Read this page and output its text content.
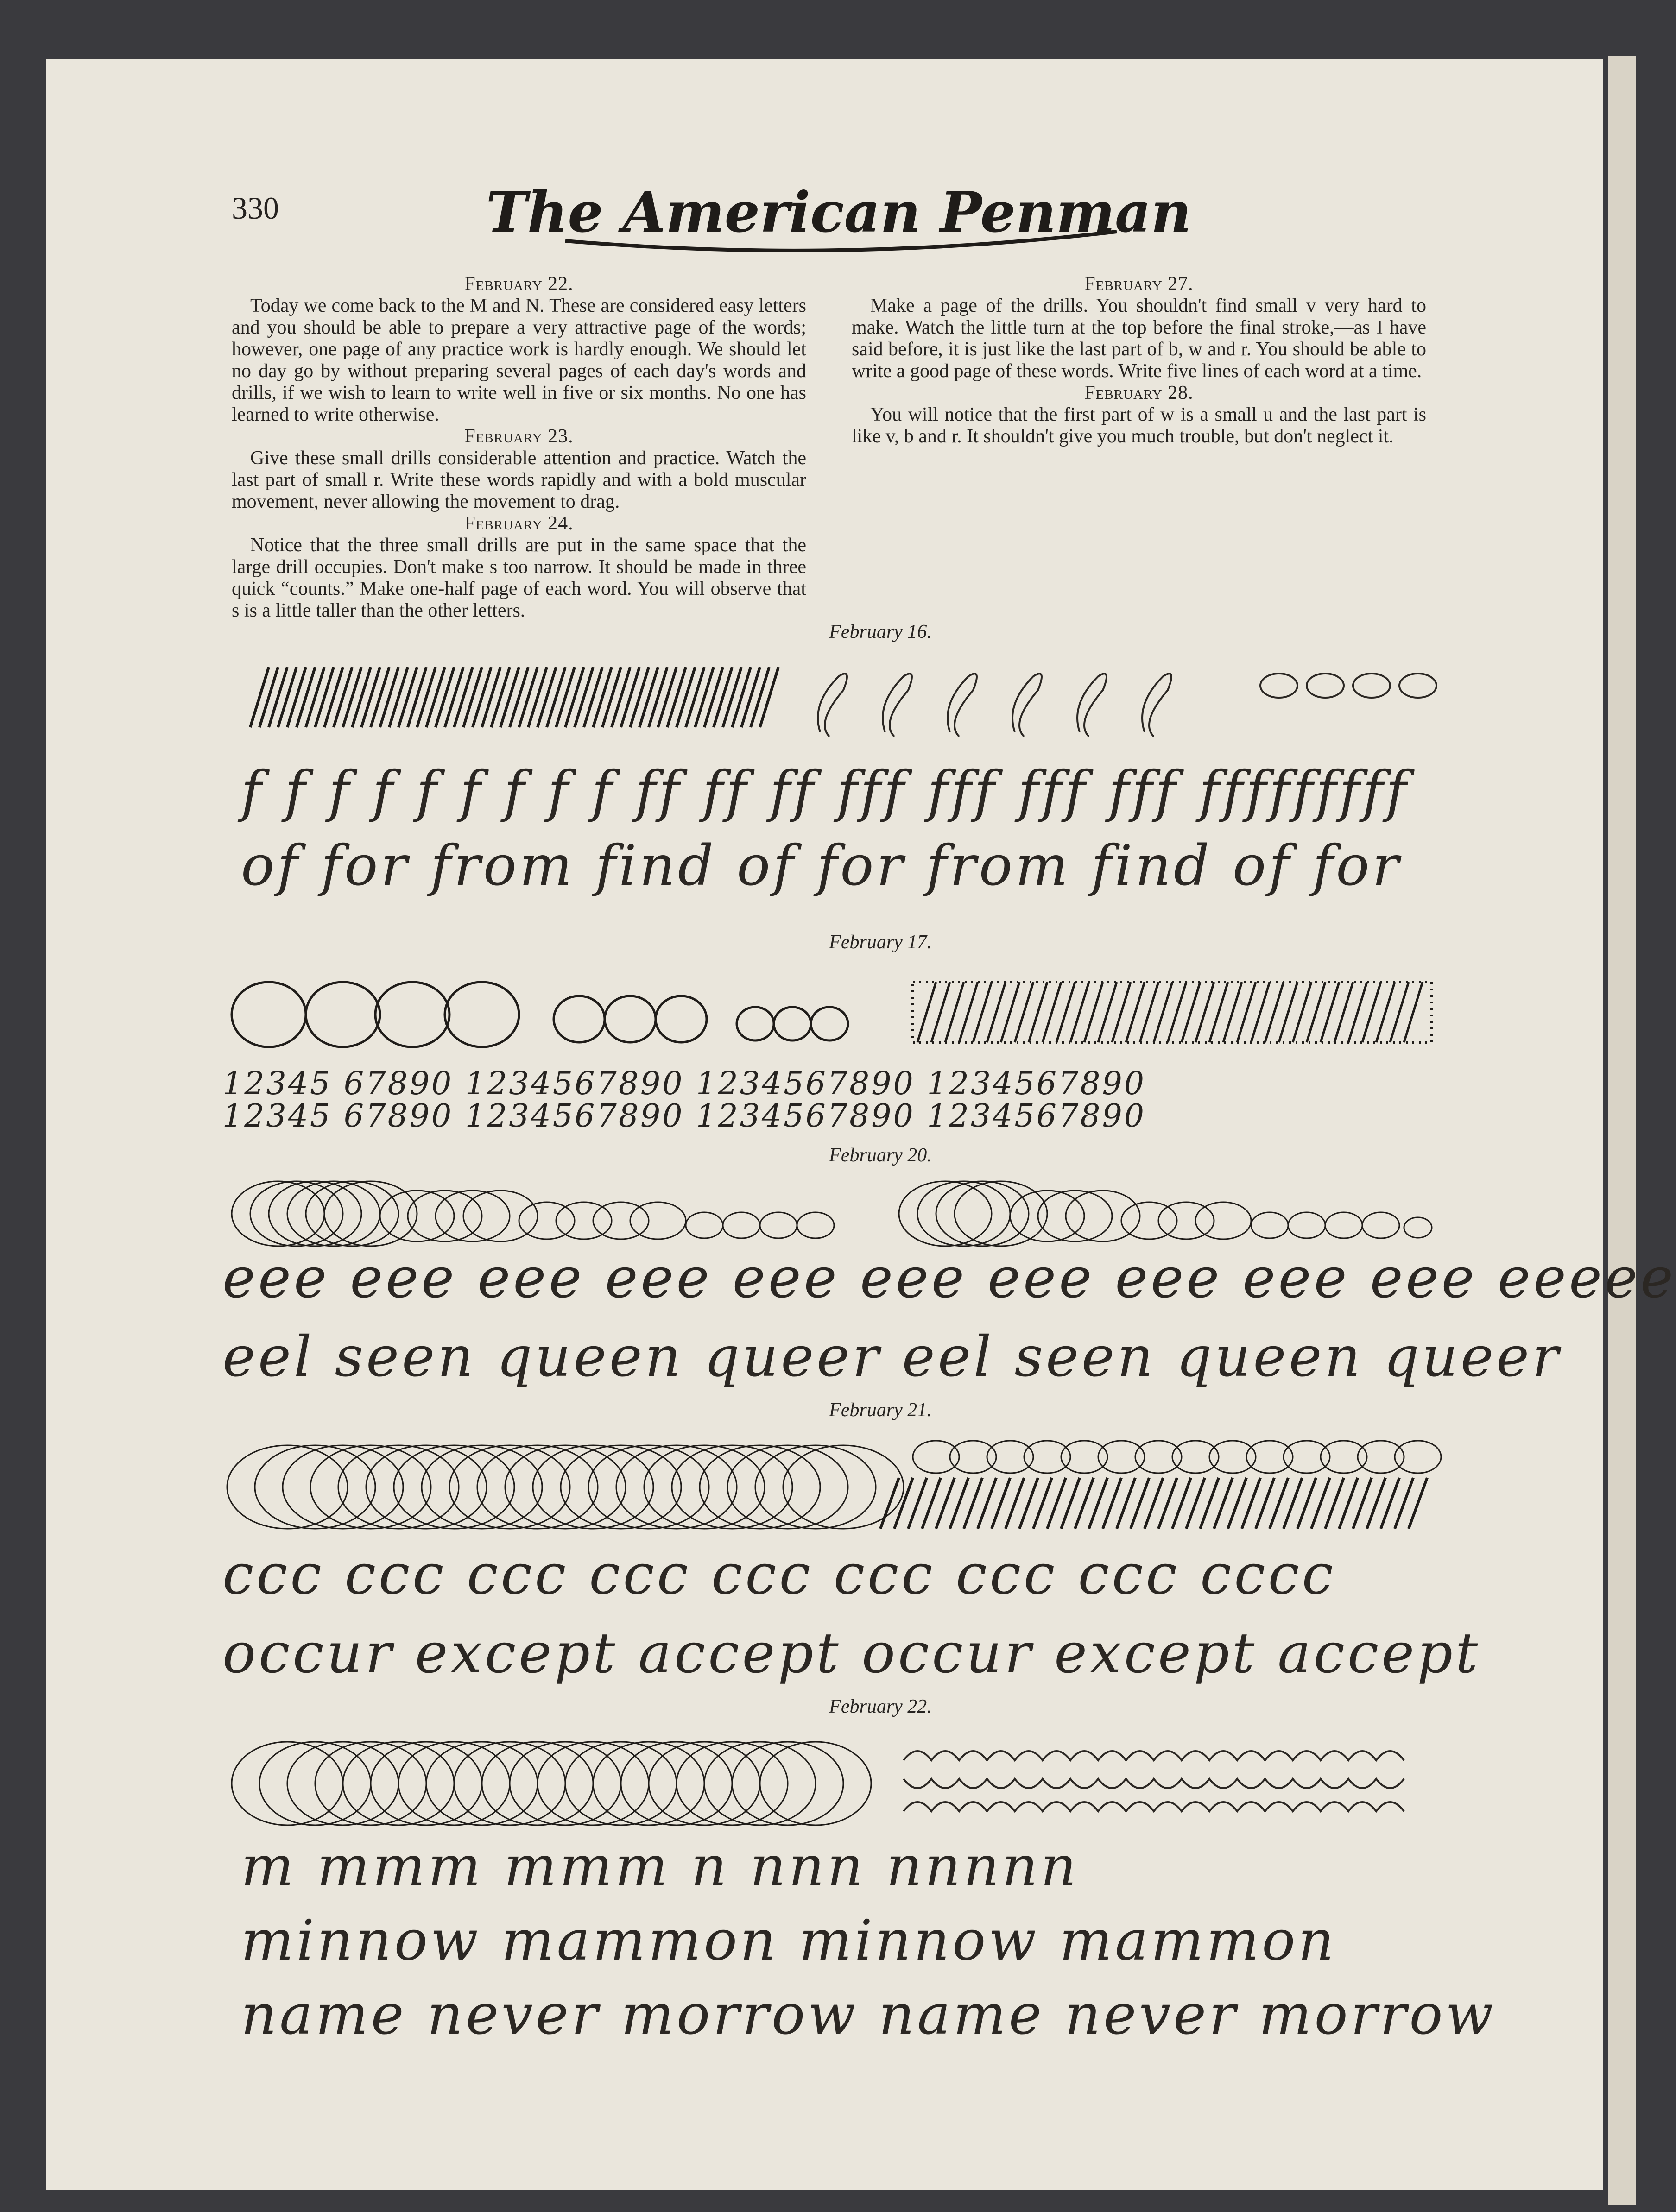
330	The American Penman
February 22.

Today we come back to the M and N. These are considered easy letters and you should be able to prepare a very attractive page of the words; however, one page of any practice work is hardly enough. We should let no day go by without preparing several pages of each day's words and drills, if we wish to learn to write well in five or six months. No one has learned to write otherwise.

February 23.

Give these small drills considerable attention and practice. Watch the last part of small r. Write these words rapidly and with a bold muscular movement, never allowing the movement to drag.

February 24.

Notice that the three small drills are put in the same space that the large drill occupies. Don't make s too narrow. It should be made in three quick “counts.” Make one-half page of each word. You will observe that s is a little taller than the other letters.

February 27.

Make a page of the drills. You shouldn't find small v very hard to make. Watch the little turn at the top before the final stroke,—as I have said before, it is just like the last part of b, w and r. You should be able to write a good page of these words. Write five lines of each word at a time.

February 28.

You will notice that the first part of w is a small u and the last part is like v, b and r. It shouldn't give you much trouble, but don't neglect it.

February 16.
f f f f f f f f f ff ff ff fff fff fff fff fffffffff
of for from find of for from find of for
February 17.
12345 67890 1234567890 1234567890 1234567890
12345 67890 1234567890 1234567890 1234567890
February 20.
eee eee eee eee eee eee eee eee eee eee eeeee
eel seen queen queer eel seen queen queer
February 21.
ccc ccc ccc ccc ccc ccc ccc ccc cccc
occur except accept occur except accept
February 22.
m mmm mmm n nnn nnnnn
minnow mammon minnow mammon
name never morrow name never morrow
